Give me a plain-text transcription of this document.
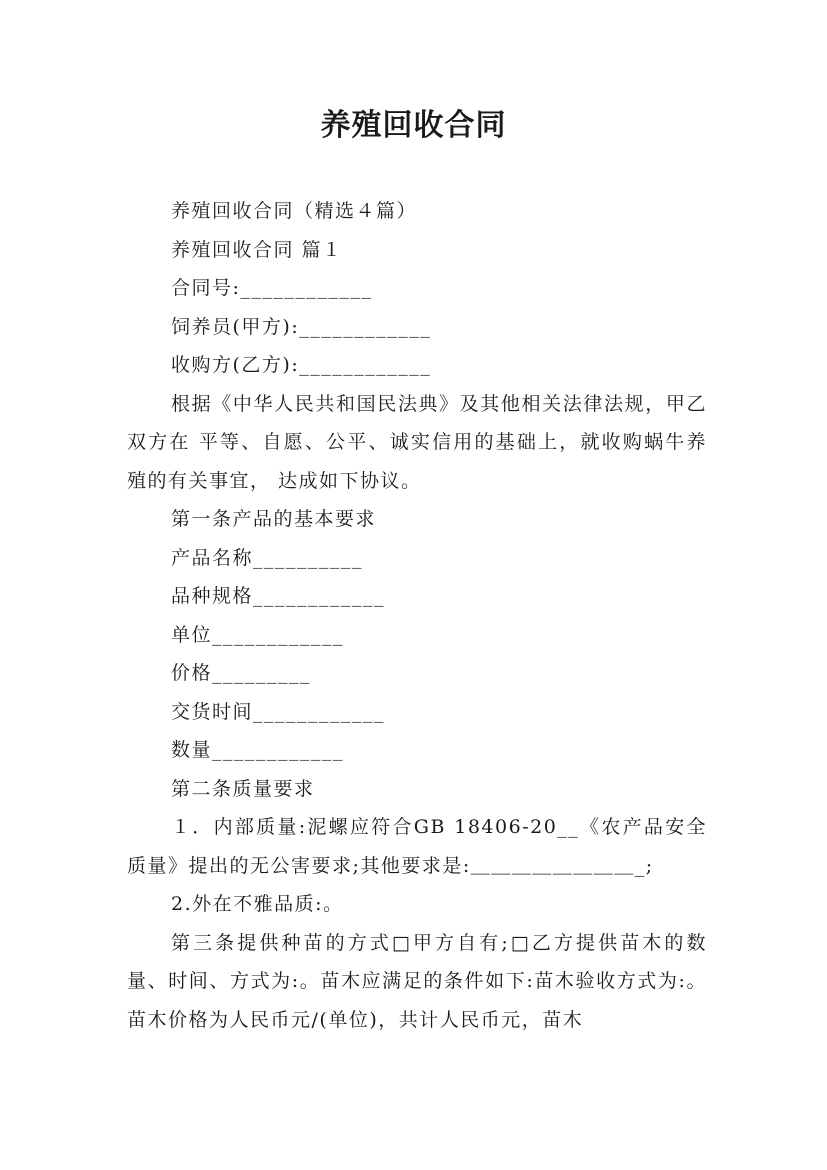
养殖回收合同

养殖回收合同（精选４篇）

养殖回收合同 篇１

合同号:____________

饲养员(甲方):____________

收购方(乙方):____________

根据《中华人民共和国民法典》及其他相关法律法规，甲乙双方在 平等、自愿、公平、诚实信用的基础上，就收购蜗牛养殖的有关事宜， 达成如下协议。

第一条产品的基本要求

产品名称__________

品种规格____________

单位____________

价格_________

交货时间____________

数量____________

第二条质量要求

１．内部质量:泥螺应符合GB 18406-20__《农产品安全质量》提出的无公害要求;其他要求是:＿＿＿＿＿＿＿＿_;

2.外在不雅品质:。

第三条提供种苗的方式□甲方自有;□乙方提供苗木的数量、时间、方式为:。苗木应满足的条件如下:苗木验收方式为:。苗木价格为人民币元/(单位)，共计人民币元，苗木
